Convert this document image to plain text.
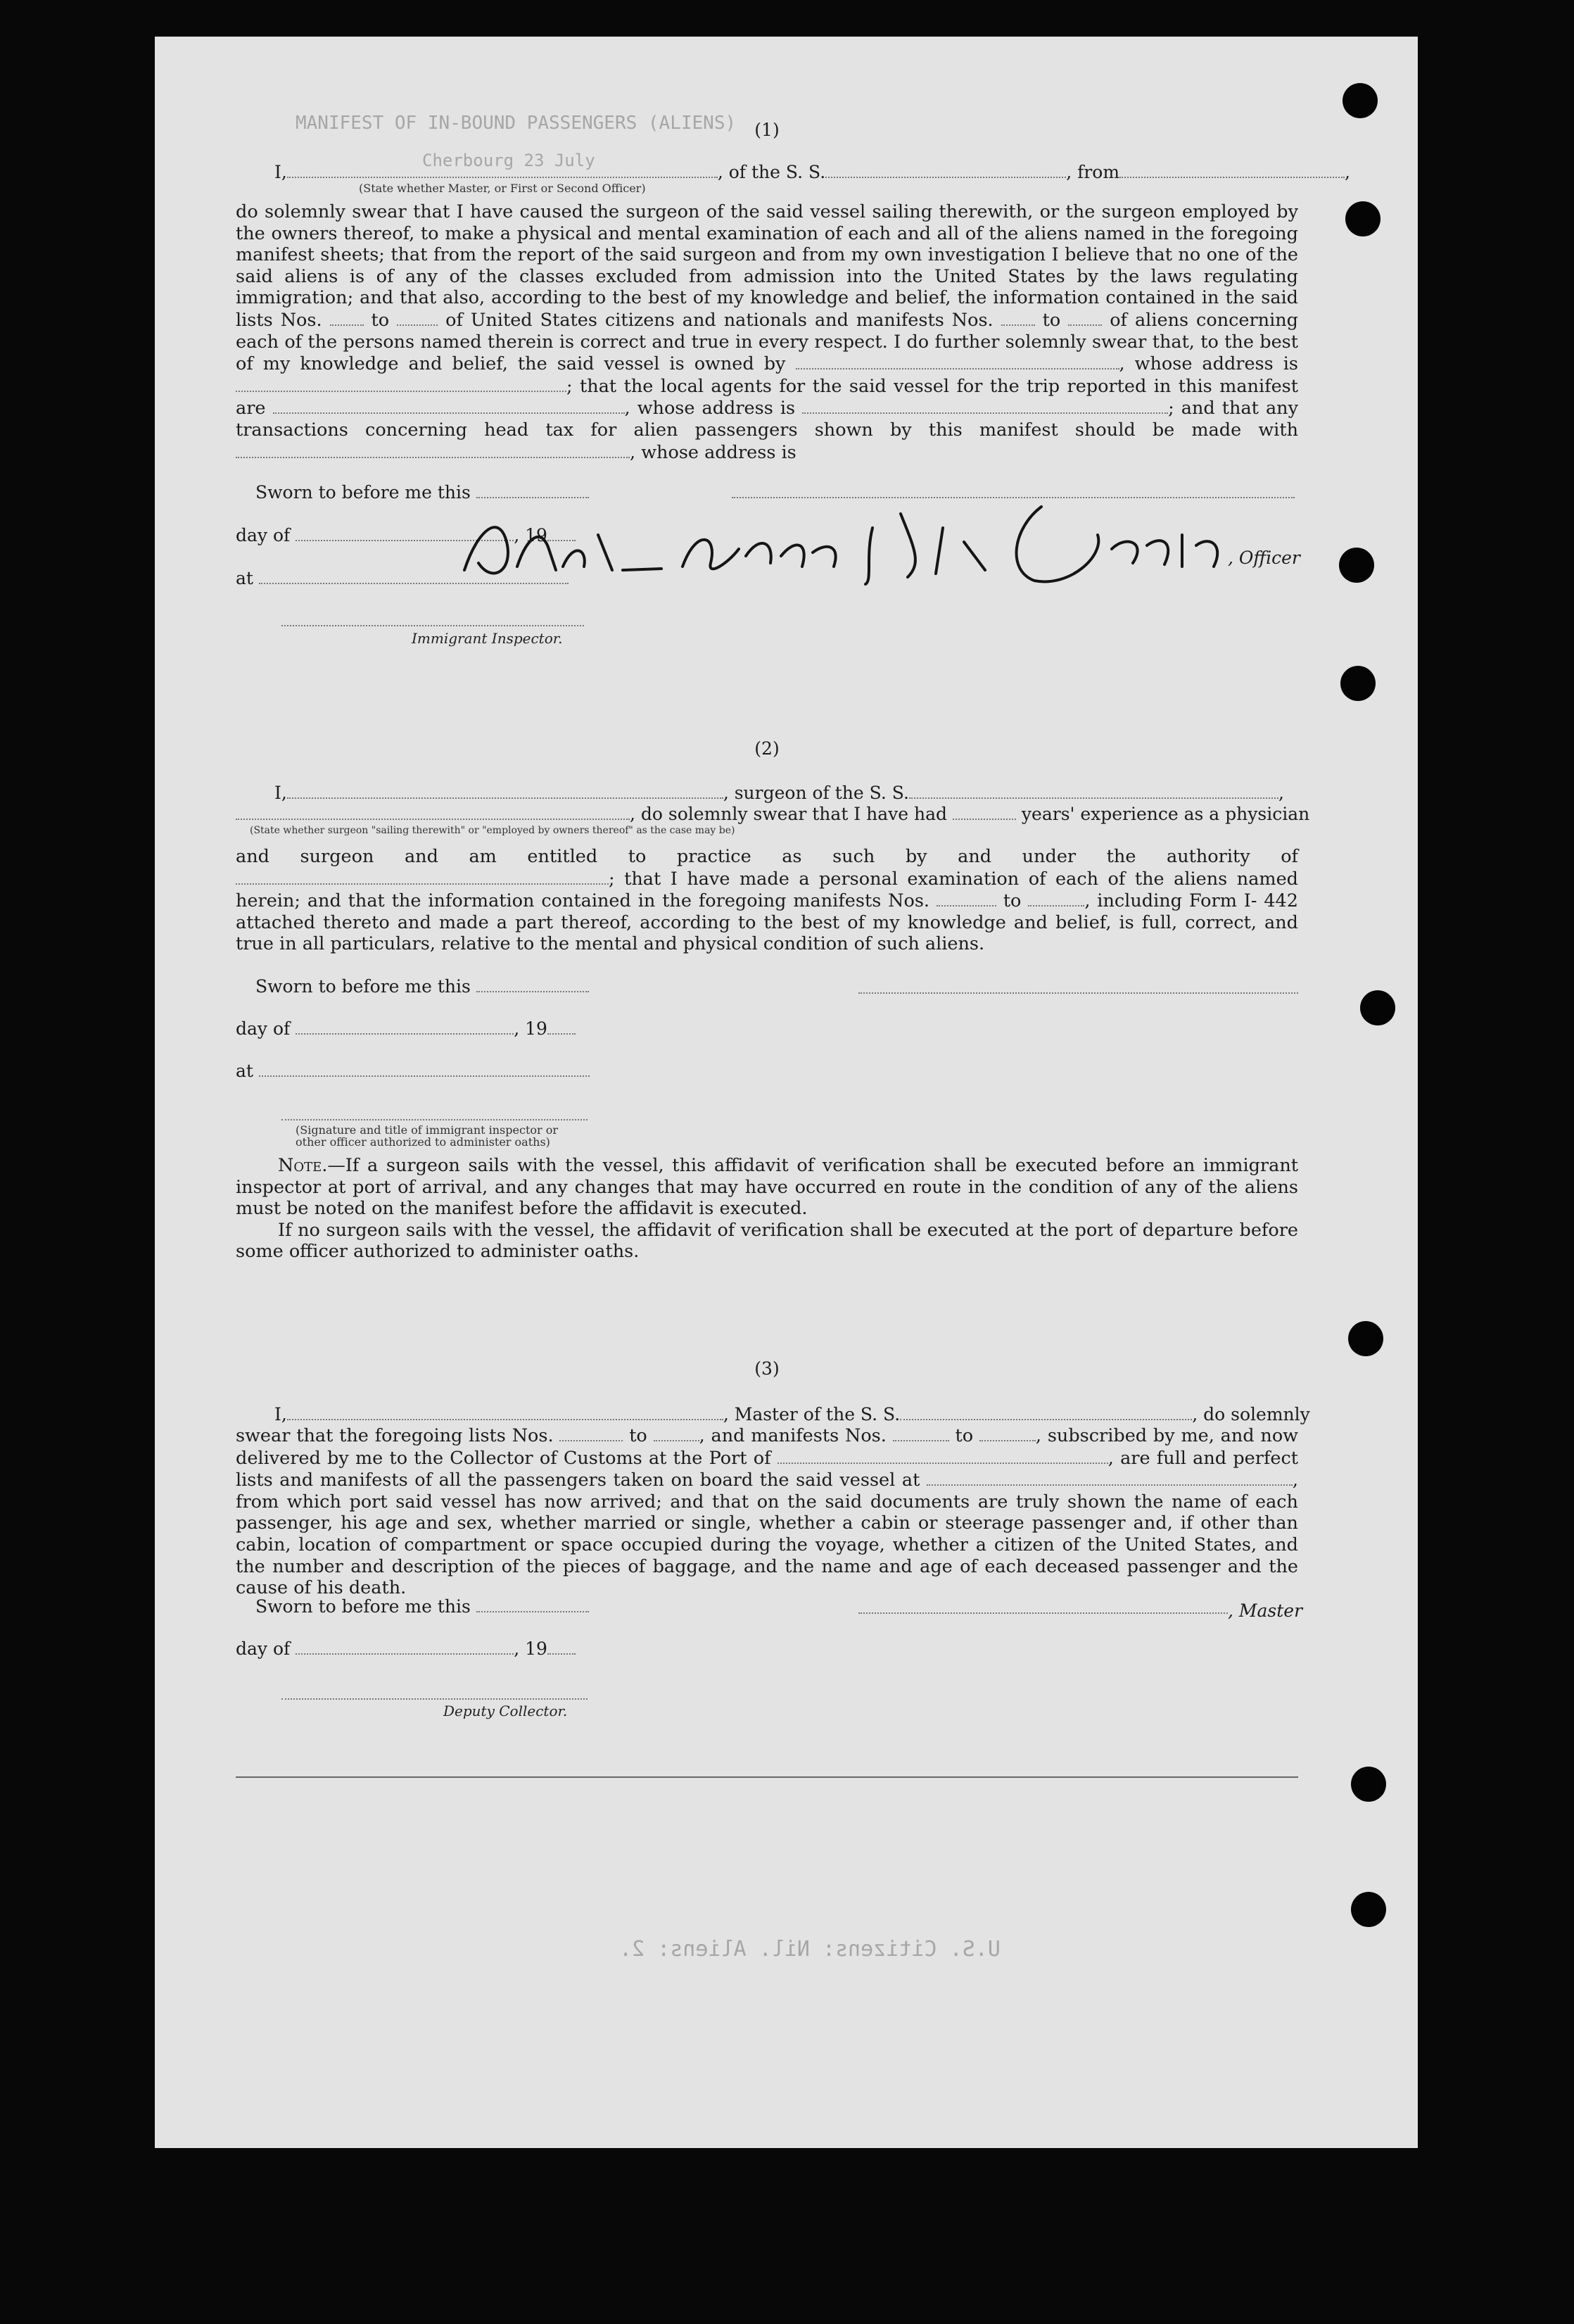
MANIFEST OF IN-BOUND PASSENGERS (ALIENS)
Cherbourg 23 July
U.S. Citizens: Nil. Aliens: 2.
(1)
I,	, of the S. S.	, from	,
(State whether Master, or First or Second Officer)

do solemnly swear that I have caused the surgeon of the said vessel sailing therewith, or the surgeon employed by the owners thereof, to make a physical and mental examination of each and all of the aliens named in the foregoing manifest sheets; that from the report of the said surgeon and from my own investigation I believe that no one of the said aliens is of any of the classes excluded from admission into the United States by the laws regulating immigration; and that also, according to the best of my knowledge and belief, the information contained in the said lists Nos.	to	of United States citizens and nationals and manifests Nos.	to	of aliens concerning each of the persons named therein is correct and true in every respect. I do further solemnly swear that, to the best of my knowledge and belief, the said vessel is owned by	, whose address is ; that the local agents for the said vessel for the trip reported in this manifest are	, whose address is	; and that any transactions concerning head tax for alien passengers shown by this manifest should be made with , whose address is

Sworn to before me this
day of	, 19
, Officer
at
Immigrant Inspector.
(2)
I,	, surgeon of the S. S.	,
, do solemnly swear that I have had	years' experience as a physician
(State whether surgeon "sailing therewith" or "employed by owners thereof" as the case may be)

and surgeon and am entitled to practice as such by and under the authority of ; that I have made a personal examination of each of the aliens named herein; and that the information contained in the foregoing manifests Nos.	to	, including Form I- 442 attached thereto and made a part thereof, according to the best of my knowledge and belief, is full, correct, and true in all particulars, relative to the mental and physical condition of such aliens.

Sworn to before me this
day of	, 19
at
(Signature and title of immigrant inspector or
other officer authorized to administer oaths)

Note.—If a surgeon sails with the vessel, this affidavit of verification shall be executed before an immigrant inspector at port of arrival, and any changes that may have occurred en route in the condition of any of the aliens must be noted on the manifest before the affidavit is executed.
If no surgeon sails with the vessel, the affidavit of verification shall be executed at the port of departure before some officer authorized to administer oaths.

(3)
I,	, Master of the S. S.	, do solemnly

swear that the foregoing lists Nos.	to	, and manifests Nos.	to	, subscribed by me, and now delivered by me to the Collector of Customs at the Port of	, are full and perfect lists and manifests of all the passengers taken on board the said vessel at	, from which port said vessel has now arrived; and that on the said documents are truly shown the name of each passenger, his age and sex, whether married or single, whether a cabin or steerage passenger and, if other than cabin, location of compartment or space occupied during the voyage, whether a citizen of the United States, and the number and description of the pieces of baggage, and the name and age of each deceased passenger and the cause of his death.

Sworn to before me this	, Master
day of	, 19
Deputy Collector.
